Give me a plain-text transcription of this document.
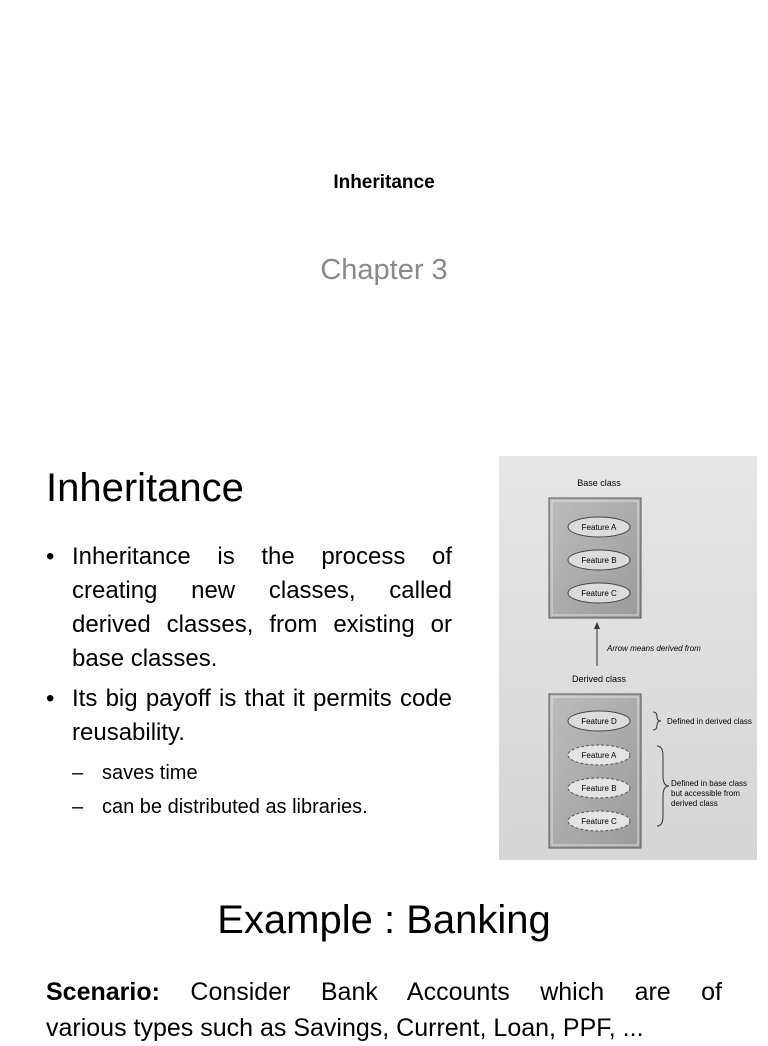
Inheritance
Chapter 3
Inheritance
• Inheritance is the process of creating new classes, called derived classes, from existing or base classes.
• Its big payoff is that it permits code reusability.
– saves time
– can be distributed as libraries.
Base class
Feature A
Feature B
Feature C
Arrow means derived from
Derived class
Feature D
Feature A
Feature B
Feature C
Defined in derived class
Defined in base class
but accessible from
derived class
Example : Banking
Scenario: Consider Bank Accounts which are of
various types such as Savings, Current, Loan, PPF, ...
